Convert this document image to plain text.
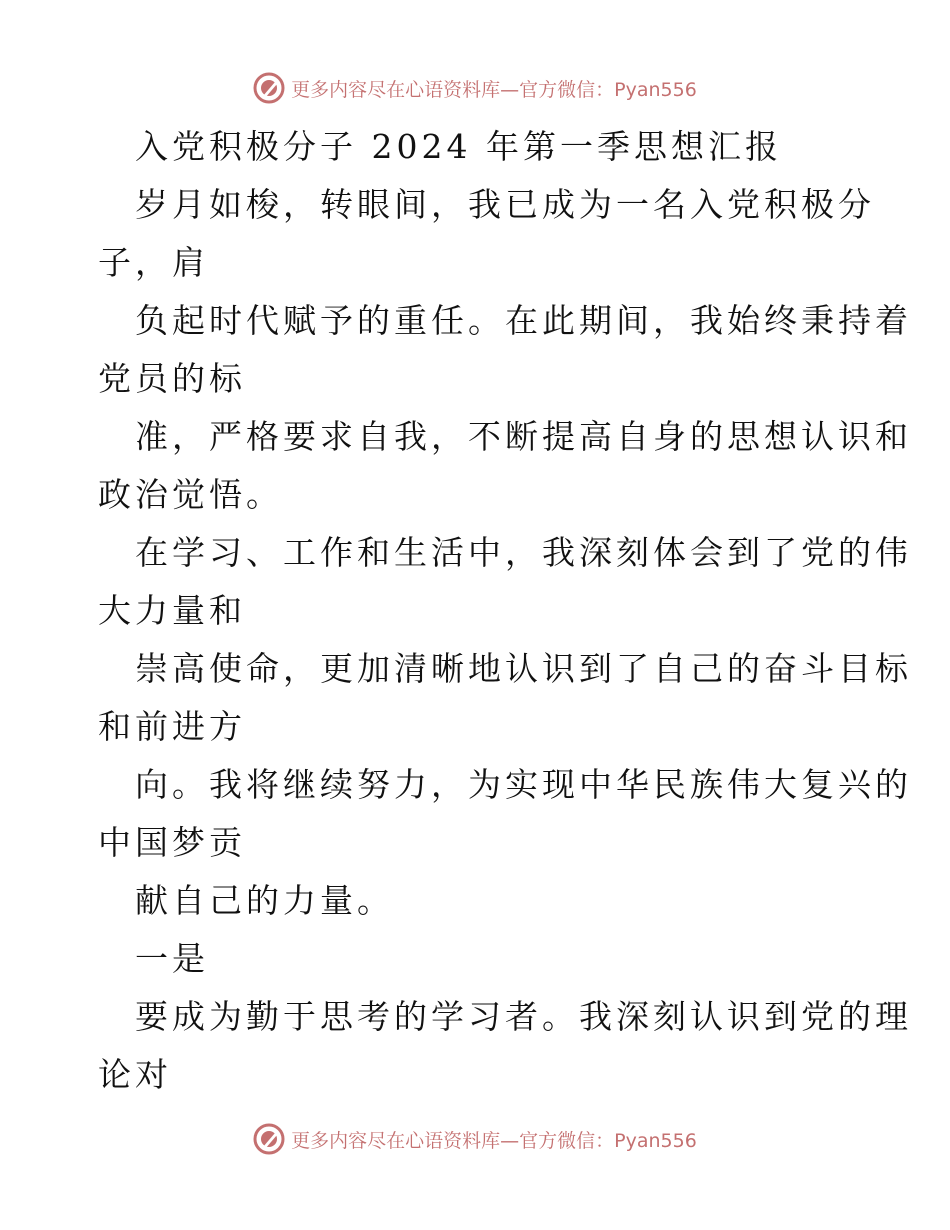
更多内容尽在心语资料库—官方微信：Pyan556
入党积极分子 2024 年第一季思想汇报
岁月如梭，转眼间，我已成为一名入党积极分
子，肩
负起时代赋予的重任。在此期间，我始终秉持着
党员的标
准，严格要求自我，不断提高自身的思想认识和
政治觉悟。
在学习、工作和生活中，我深刻体会到了党的伟
大力量和
崇高使命，更加清晰地认识到了自己的奋斗目标
和前进方
向。我将继续努力，为实现中华民族伟大复兴的
中国梦贡
献自己的力量。
一是
要成为勤于思考的学习者。我深刻认识到党的理
论对
更多内容尽在心语资料库—官方微信：Pyan556
